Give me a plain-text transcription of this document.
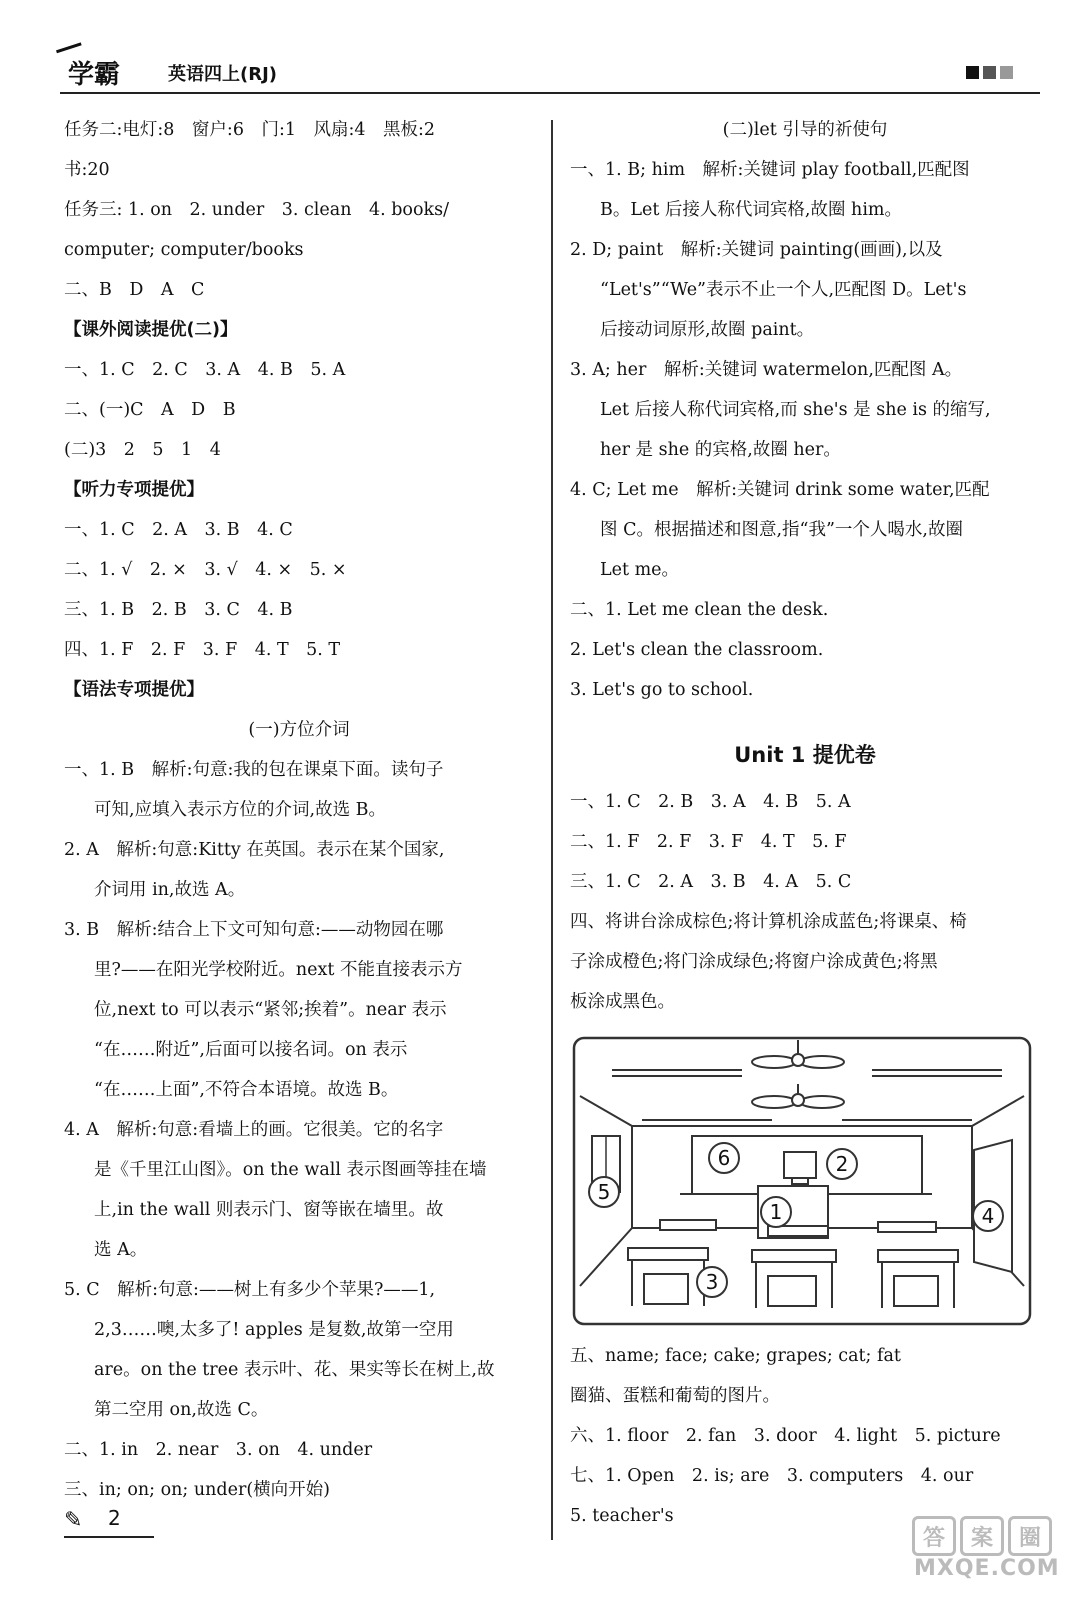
学霸	英语四上(RJ)
任务二:电灯:8　窗户:6　门:1　风扇:4　黑板:2
书:20
任务三: 1. on　2. under　3. clean　4. books/
computer; computer/books
二、B　D　A　C
【课外阅读提优(二)】
一、1. C　2. C　3. A　4. B　5. A
二、(一)C　A　D　B
(二)3　2　5　1　4
【听力专项提优】
一、1. C　2. A　3. B　4. C
二、1. √　2. ×　3. √　4. ×　5. ×
三、1. B　2. B　3. C　4. B
四、1. F　2. F　3. F　4. T　5. T
【语法专项提优】
(一)方位介词
一、1. B　解析:句意:我的包在课桌下面。读句子
可知,应填入表示方位的介词,故选 B。
2. A　解析:句意:Kitty 在英国。表示在某个国家,
介词用 in,故选 A。
3. B　解析:结合上下文可知句意:——动物园在哪
里?——在阳光学校附近。next 不能直接表示方
位,next to 可以表示“紧邻;挨着”。near 表示
“在……附近”,后面可以接名词。on 表示
“在……上面”,不符合本语境。故选 B。
4. A　解析:句意:看墙上的画。它很美。它的名字
是《千里江山图》。on the wall 表示图画等挂在墙
上,in the wall 则表示门、窗等嵌在墙里。故
选 A。
5. C　解析:句意:——树上有多少个苹果?——1,
2,3……噢,太多了! apples 是复数,故第一空用
are。on the tree 表示叶、花、果实等长在树上,故
第二空用 on,故选 C。
二、1. in　2. near　3. on　4. under
三、in; on; on; under(横向开始)
(二)let 引导的祈使句
一、1. B; him　解析:关键词 play football,匹配图
B。Let 后接人称代词宾格,故圈 him。
2. D; paint　解析:关键词 painting(画画),以及
“Let's”“We”表示不止一个人,匹配图 D。Let's
后接动词原形,故圈 paint。
3. A; her　解析:关键词 watermelon,匹配图 A。
Let 后接人称代词宾格,而 she's 是 she is 的缩写,
her 是 she 的宾格,故圈 her。
4. C; Let me　解析:关键词 drink some water,匹配
图 C。根据描述和图意,指“我”一个人喝水,故圈
Let me。
二、1. Let me clean the desk.
2. Let's clean the classroom.
3. Let's go to school.
Unit 1 提优卷
一、1. C　2. B　3. A　4. B　5. A
二、1. F　2. F　3. F　4. T　5. F
三、1. C　2. A　3. B　4. A　5. C
四、将讲台涂成棕色;将计算机涂成蓝色;将课桌、椅
子涂成橙色;将门涂成绿色;将窗户涂成黄色;将黑
板涂成黑色。
1
2
3
4
5
6
五、name; face; cake; grapes; cat; fat
圈猫、蛋糕和葡萄的图片。
六、1. floor　2. fan　3. door　4. light　5. picture
七、1. Open　2. is; are　3. computers　4. our
5. teacher's
✎ 2
答 案 圈
MXQE.COM
